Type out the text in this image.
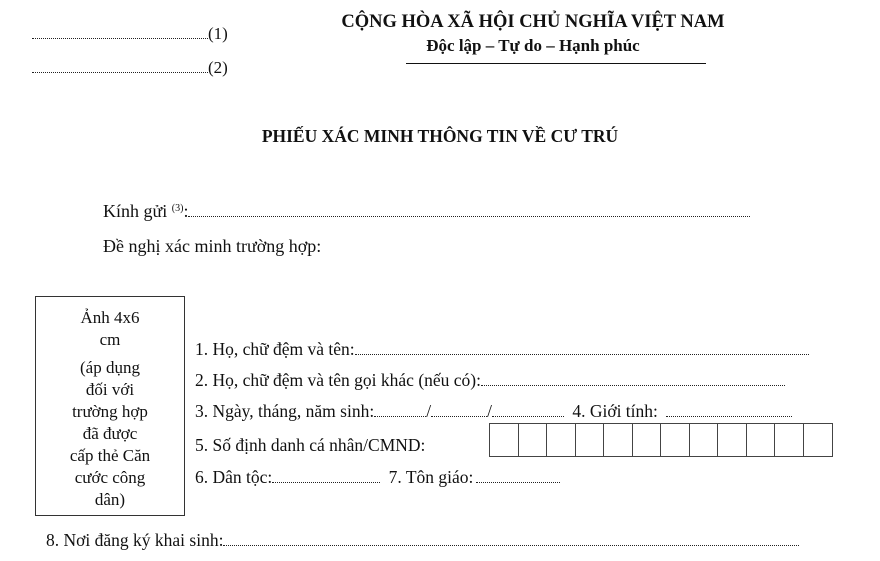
(1)
(2)
CỘNG HÒA XÃ HỘI CHỦ NGHĨA VIỆT NAM
Độc lập – Tự do – Hạnh phúc
PHIẾU XÁC MINH THÔNG TIN VỀ CƯ TRÚ
Kính gửi $^{(3)}$:
Đề nghị xác minh trường hợp:
Ảnh 4x6
cm
(áp dụng
đối với
trường hợp
đã được
cấp thẻ Căn
cước công
dân)
1. Họ, chữ đệm và tên:
2. Họ, chữ đệm và tên gọi khác (nếu có):
3. Ngày, tháng, năm sinh:	/	/	4. Giới tính:
5. Số định danh cá nhân/CMND:
6. Dân tộc:	7. Tôn giáo:
8. Nơi đăng ký khai sinh:
